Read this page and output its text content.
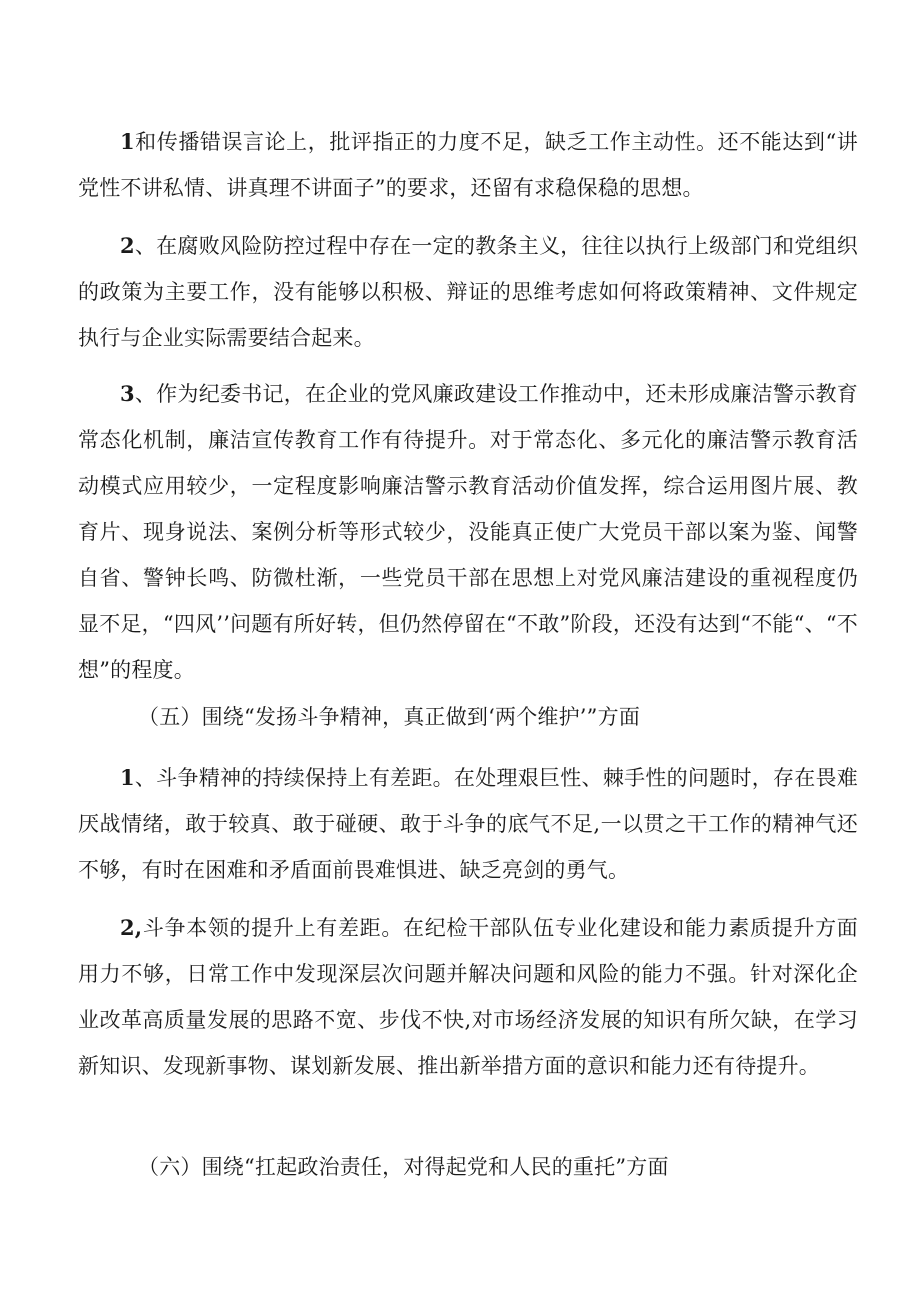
1和传播错误言论上，批评指正的力度不足，缺乏工作主动性。还不能达到“讲党性不讲私情、讲真理不讲面子”的要求，还留有求稳保稳的思想。

2、在腐败风险防控过程中存在一定的教条主义，往往以执行上级部门和党组织的政策为主要工作，没有能够以积极、辩证的思维考虑如何将政策精神、文件规定执行与企业实际需要结合起来。

3、作为纪委书记，在企业的党风廉政建设工作推动中，还未形成廉洁警示教育常态化机制，廉洁宣传教育工作有待提升。对于常态化、多元化的廉洁警示教育活动模式应用较少，一定程度影响廉洁警示教育活动价值发挥，综合运用图片展、教育片、现身说法、案例分析等形式较少，没能真正使广大党员干部以案为鉴、闻警自省、警钟长鸣、防微杜渐，一些党员干部在思想上对党风廉洁建设的重视程度仍显不足，“四风’’问题有所好转，但仍然停留在“不敢”阶段，还没有达到“不能“、“不想”的程度。

（五）围绕“发扬斗争精神，真正做到‘两个维护’”方面

1、斗争精神的持续保持上有差距。在处理艰巨性、棘手性的问题时，存在畏难厌战情绪，敢于较真、敢于碰硬、敢于斗争的底气不足,一以贯之干工作的精神气还不够，有时在困难和矛盾面前畏难惧进、缺乏亮剑的勇气。

2,斗争本领的提升上有差距。在纪检干部队伍专业化建设和能力素质提升方面用力不够，日常工作中发现深层次问题并解决问题和风险的能力不强。针对深化企业改革高质量发展的思路不宽、步伐不快,对市场经济发展的知识有所欠缺，在学习新知识、发现新事物、谋划新发展、推出新举措方面的意识和能力还有待提升。

（六）围绕“扛起政治责任，对得起党和人民的重托”方面
